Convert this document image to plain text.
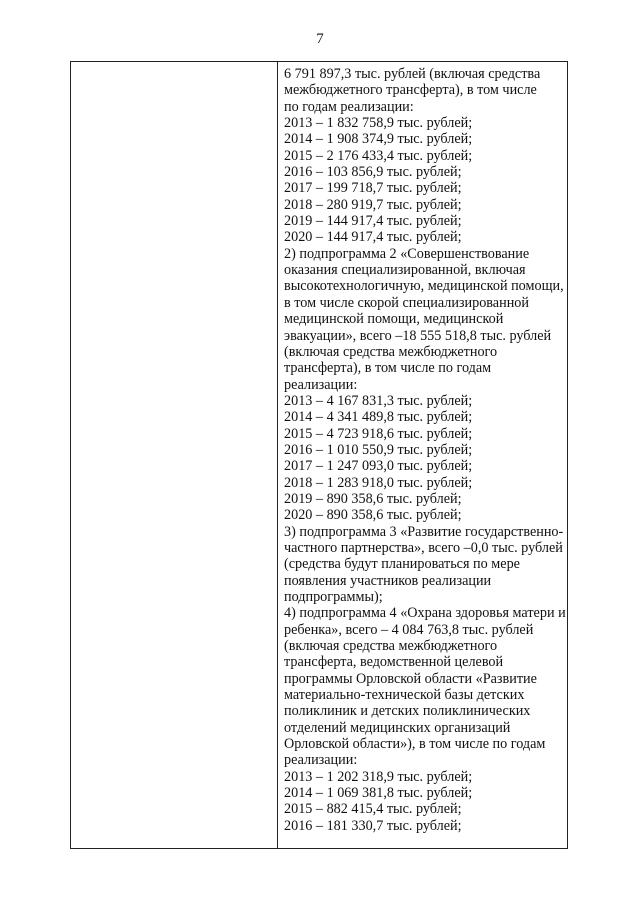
7
6 791 897,3 тыс. рублей (включая средства
межбюджетного трансферта), в том числе
по годам реализации:
2013 – 1 832 758,9 тыс. рублей;
2014 – 1 908 374,9 тыс. рублей;
2015 – 2 176 433,4 тыс. рублей;
2016 – 103 856,9 тыс. рублей;
2017 – 199 718,7 тыс. рублей;
2018 – 280 919,7 тыс. рублей;
2019 – 144 917,4 тыс. рублей;
2020 – 144 917,4 тыс. рублей;
2) подпрограмма 2 «Совершенствование
оказания специализированной, включая
высокотехнологичную, медицинской помощи,
в том числе скорой специализированной
медицинской помощи, медицинской
эвакуации», всего –18 555 518,8 тыс. рублей
(включая средства межбюджетного
трансферта), в том числе по годам
реализации:
2013 – 4 167 831,3 тыс. рублей;
2014 – 4 341 489,8 тыс. рублей;
2015 – 4 723 918,6 тыс. рублей;
2016 – 1 010 550,9 тыс. рублей;
2017 – 1 247 093,0 тыс. рублей;
2018 – 1 283 918,0 тыс. рублей;
2019 – 890 358,6 тыс. рублей;
2020 – 890 358,6 тыс. рублей;
3) подпрограмма 3 «Развитие государственно-
частного партнерства», всего –0,0 тыс. рублей
(средства будут планироваться по мере
появления участников реализации
подпрограммы);
4) подпрограмма 4 «Охрана здоровья матери и
ребенка», всего – 4 084 763,8 тыс. рублей
(включая средства межбюджетного
трансферта, ведомственной целевой
программы Орловской области «Развитие
материально-технической базы детских
поликлиник и детских поликлинических
отделений медицинских организаций
Орловской области»), в том числе по годам
реализации:
2013 – 1 202 318,9 тыс. рублей;
2014 – 1 069 381,8 тыс. рублей;
2015 – 882 415,4 тыс. рублей;
2016 – 181 330,7 тыс. рублей;
